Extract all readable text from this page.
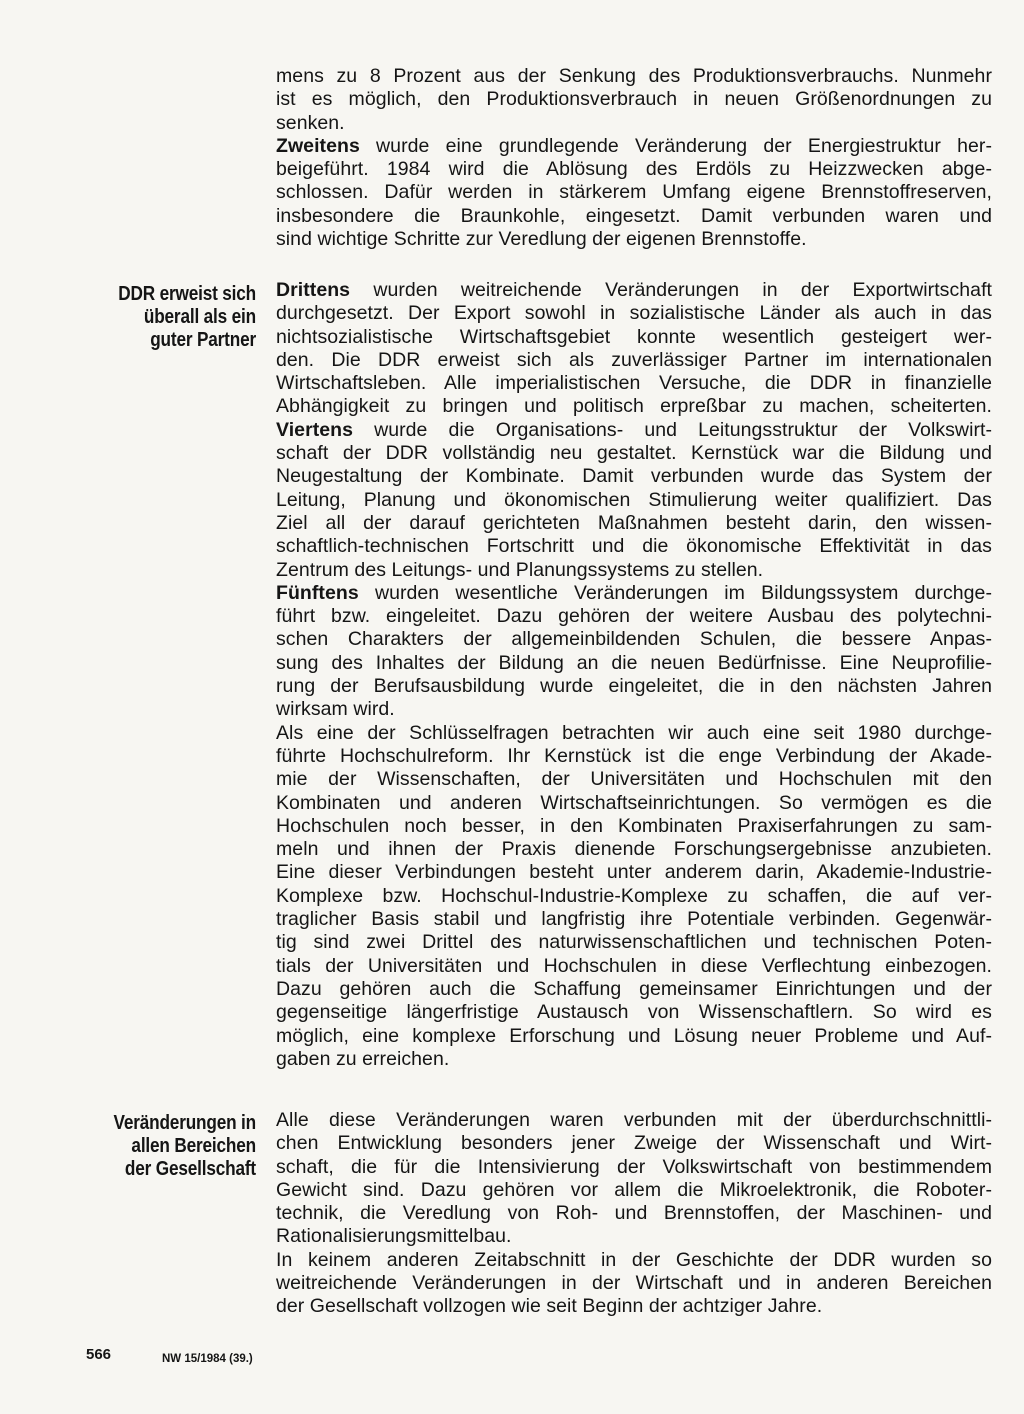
mens zu 8 Prozent aus der Senkung des Produktionsverbrauchs. Nunmehr
ist es möglich, den Produktionsverbrauch in neuen Größenordnungen zu
senken.
Zweitens wurde eine grundlegende Veränderung der Energiestruktur her-
beigeführt. 1984 wird die Ablösung des Erdöls zu Heizzwecken abge-
schlossen. Dafür werden in stärkerem Umfang eigene Brennstoffreserven,
insbesondere die Braunkohle, eingesetzt. Damit verbunden waren und
sind wichtige Schritte zur Veredlung der eigenen Brennstoffe.
DDR erweist sich
überall als ein
guter Partner
Drittens wurden weitreichende Veränderungen in der Exportwirtschaft
durchgesetzt. Der Export sowohl in sozialistische Länder als auch in das
nichtsozialistische Wirtschaftsgebiet konnte wesentlich gesteigert wer-
den. Die DDR erweist sich als zuverlässiger Partner im internationalen
Wirtschaftsleben. Alle imperialistischen Versuche, die DDR in finanzielle
Abhängigkeit zu bringen und politisch erpreßbar zu machen, scheiterten.
Viertens wurde die Organisations- und Leitungsstruktur der Volkswirt-
schaft der DDR vollständig neu gestaltet. Kernstück war die Bildung und
Neugestaltung der Kombinate. Damit verbunden wurde das System der
Leitung, Planung und ökonomischen Stimulierung weiter qualifiziert. Das
Ziel all der darauf gerichteten Maßnahmen besteht darin, den wissen-
schaftlich-technischen Fortschritt und die ökonomische Effektivität in das
Zentrum des Leitungs- und Planungssystems zu stellen.
Fünftens wurden wesentliche Veränderungen im Bildungssystem durchge-
führt bzw. eingeleitet. Dazu gehören der weitere Ausbau des polytechni-
schen Charakters der allgemeinbildenden Schulen, die bessere Anpas-
sung des Inhaltes der Bildung an die neuen Bedürfnisse. Eine Neuprofilie-
rung der Berufsausbildung wurde eingeleitet, die in den nächsten Jahren
wirksam wird.
Als eine der Schlüsselfragen betrachten wir auch eine seit 1980 durchge-
führte Hochschulreform. Ihr Kernstück ist die enge Verbindung der Akade-
mie der Wissenschaften, der Universitäten und Hochschulen mit den
Kombinaten und anderen Wirtschaftseinrichtungen. So vermögen es die
Hochschulen noch besser, in den Kombinaten Praxiserfahrungen zu sam-
meln und ihnen der Praxis dienende Forschungsergebnisse anzubieten.
Eine dieser Verbindungen besteht unter anderem darin, Akademie-Industrie-
Komplexe bzw. Hochschul-Industrie-Komplexe zu schaffen, die auf ver-
traglicher Basis stabil und langfristig ihre Potentiale verbinden. Gegenwär-
tig sind zwei Drittel des naturwissenschaftlichen und technischen Poten-
tials der Universitäten und Hochschulen in diese Verflechtung einbezogen.
Dazu gehören auch die Schaffung gemeinsamer Einrichtungen und der
gegenseitige längerfristige Austausch von Wissenschaftlern. So wird es
möglich, eine komplexe Erforschung und Lösung neuer Probleme und Auf-
gaben zu erreichen.
Veränderungen in
allen Bereichen
der Gesellschaft
Alle diese Veränderungen waren verbunden mit der überdurchschnittli-
chen Entwicklung besonders jener Zweige der Wissenschaft und Wirt-
schaft, die für die Intensivierung der Volkswirtschaft von bestimmendem
Gewicht sind. Dazu gehören vor allem die Mikroelektronik, die Roboter-
technik, die Veredlung von Roh- und Brennstoffen, der Maschinen- und
Rationalisierungsmittelbau.
In keinem anderen Zeitabschnitt in der Geschichte der DDR wurden so
weitreichende Veränderungen in der Wirtschaft und in anderen Bereichen
der Gesellschaft vollzogen wie seit Beginn der achtziger Jahre.
566	NW 15/1984 (39.)
